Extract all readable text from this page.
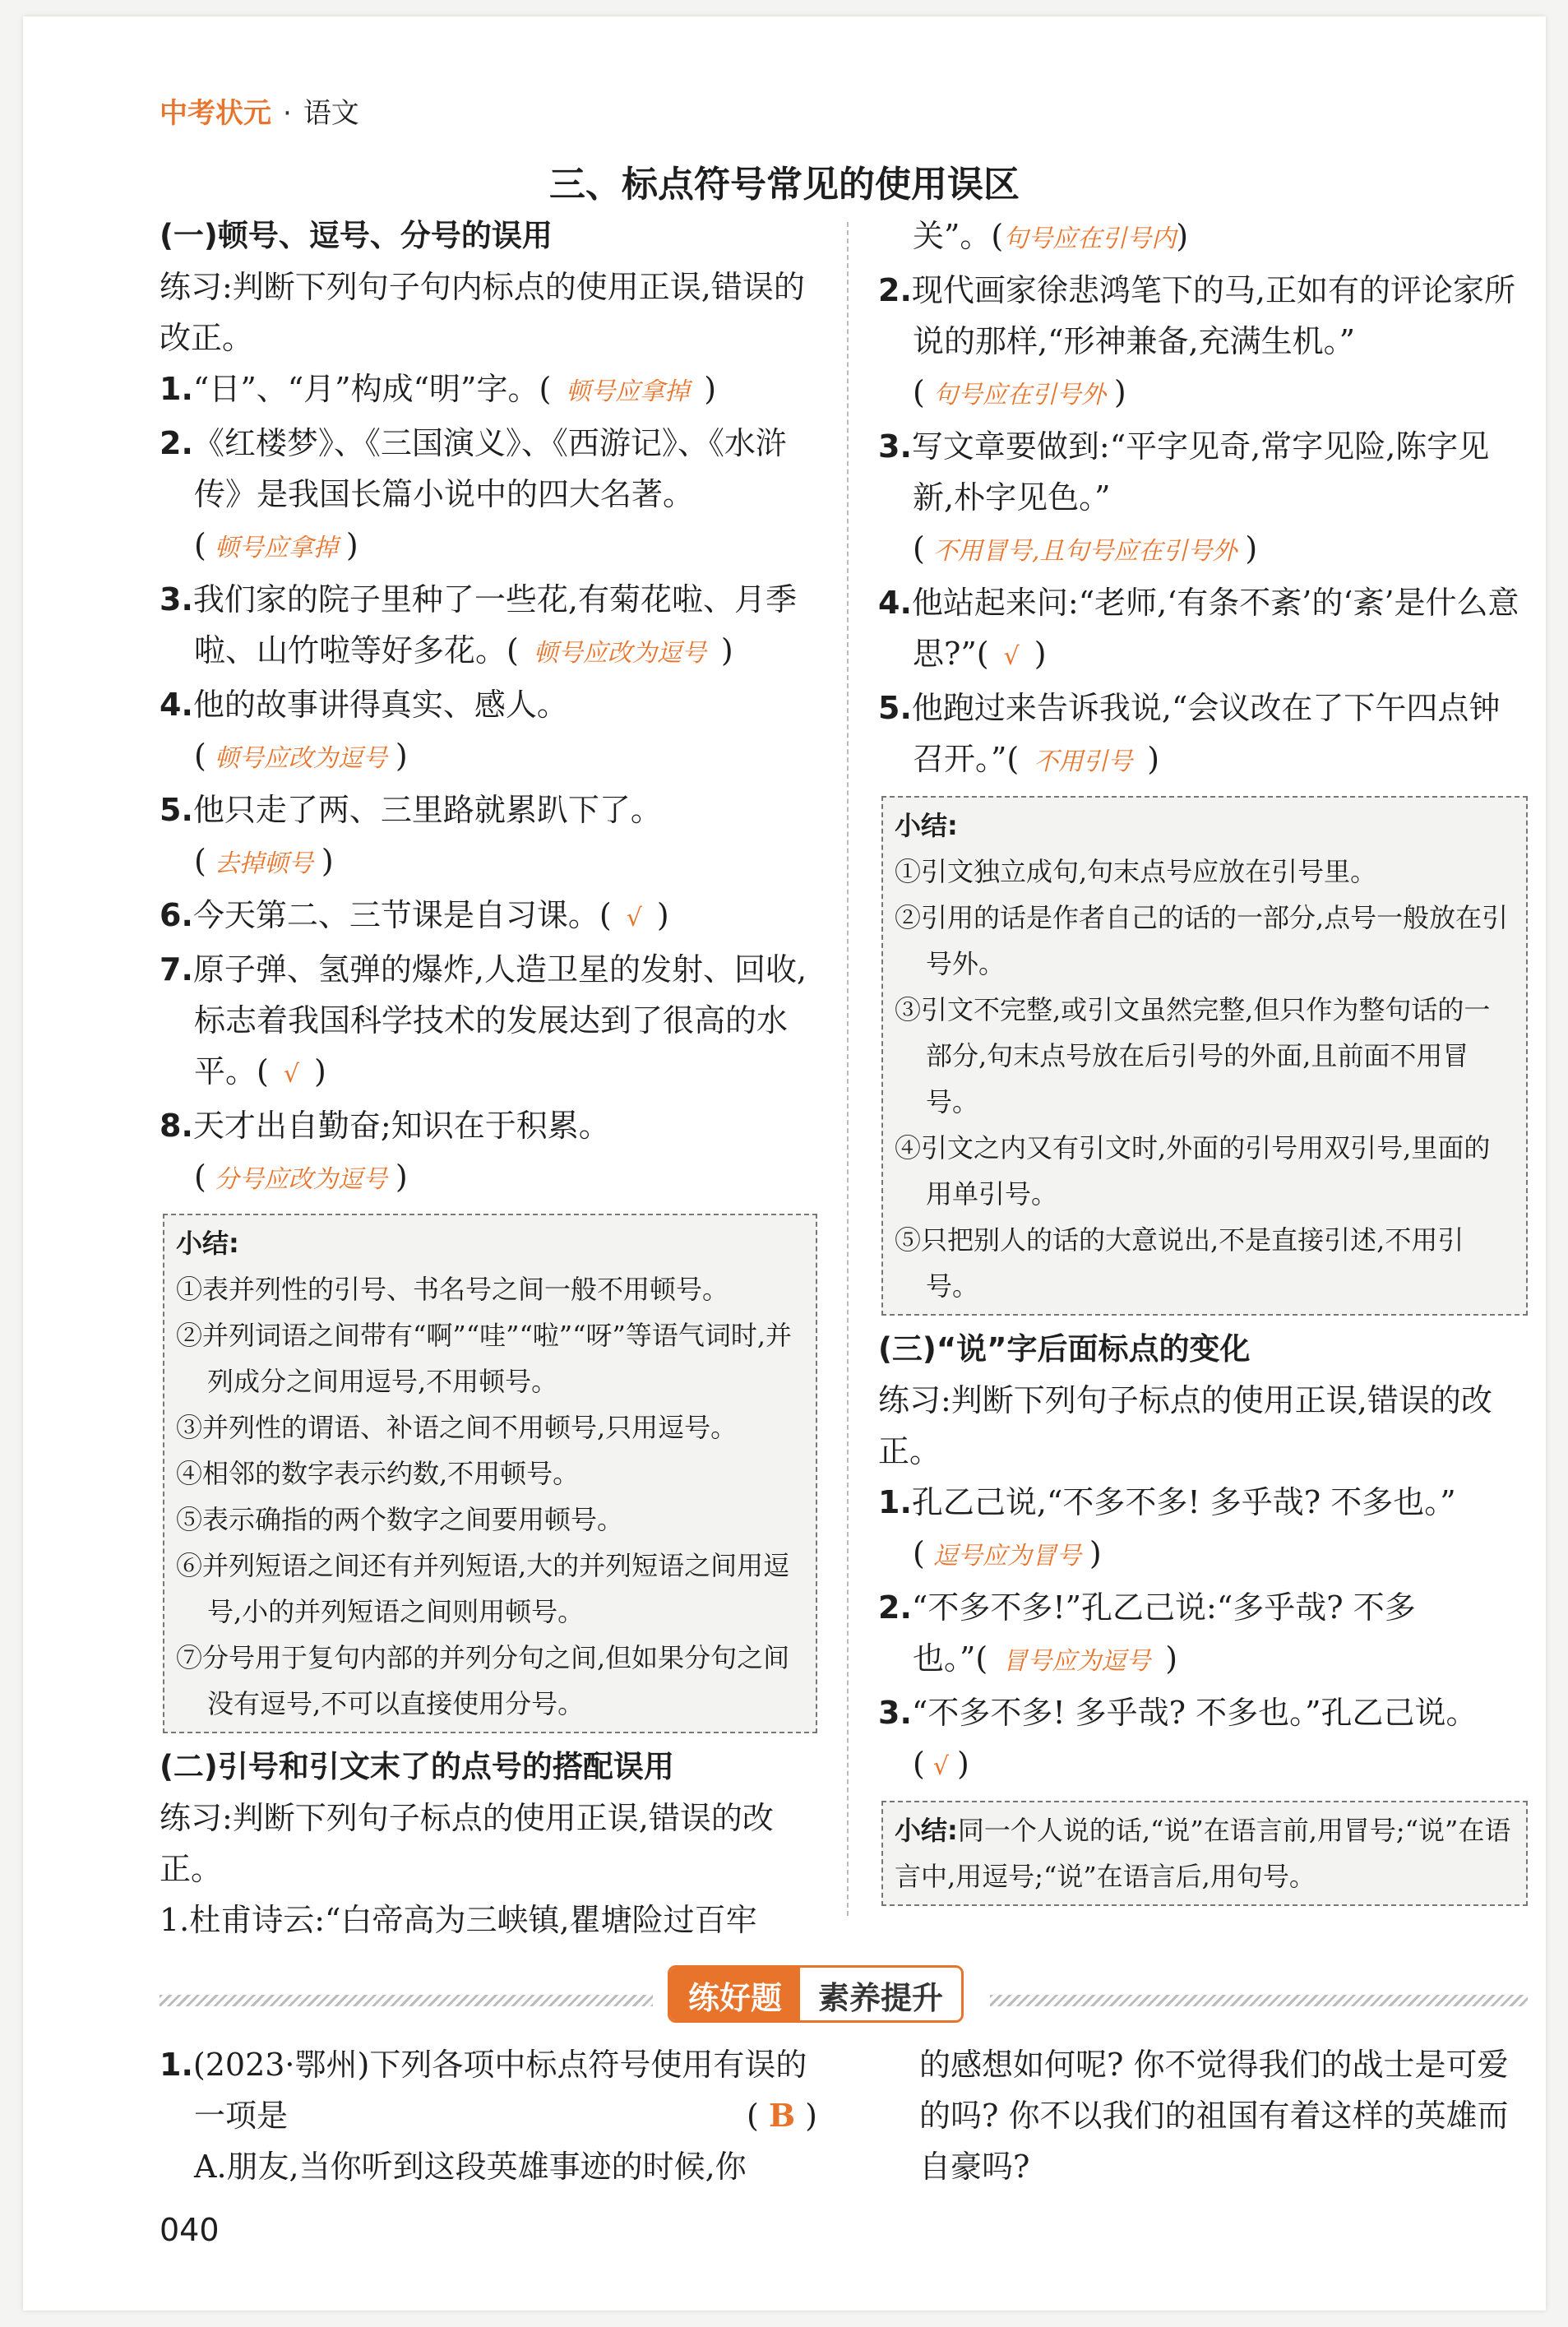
中考状元 · 语文
三、标点符号常见的使用误区
(一)顿号、逗号、分号的误用
练习:判断下列句子句内标点的使用正误,错误的改正。
1.“日”、“月”构成“明”字。( 顿号应拿掉 )
2.《红楼梦》、《三国演义》、《西游记》、《水浒传》是我国长篇小说中的四大名著。
( 顿号应拿掉 )
3.我们家的院子里种了一些花,有菊花啦、月季啦、山竹啦等好多花。( 顿号应改为逗号 )
4.他的故事讲得真实、感人。
( 顿号应改为逗号 )
5.他只走了两、三里路就累趴下了。
( 去掉顿号 )
6.今天第二、三节课是自习课。( √ )
7.原子弹、氢弹的爆炸,人造卫星的发射、回收,标志着我国科学技术的发展达到了很高的水平。( √ )
8.天才出自勤奋;知识在于积累。
( 分号应改为逗号 )
小结:
①表并列性的引号、书名号之间一般不用顿号。
②并列词语之间带有“啊”“哇”“啦”“呀”等语气词时,并列成分之间用逗号,不用顿号。
③并列性的谓语、补语之间不用顿号,只用逗号。
④相邻的数字表示约数,不用顿号。
⑤表示确指的两个数字之间要用顿号。
⑥并列短语之间还有并列短语,大的并列短语之间用逗号,小的并列短语之间则用顿号。
⑦分号用于复句内部的并列分句之间,但如果分句之间没有逗号,不可以直接使用分号。
(二)引号和引文末了的点号的搭配误用
练习:判断下列句子标点的使用正误,错误的改正。
1.杜甫诗云:“白帝高为三峡镇,瞿塘险过百牢
关”。(句号应在引号内)
2.现代画家徐悲鸿笔下的马,正如有的评论家所说的那样,“形神兼备,充满生机。”
( 句号应在引号外 )
3.写文章要做到:“平字见奇,常字见险,陈字见新,朴字见色。”
( 不用冒号,且句号应在引号外 )
4.他站起来问:“老师,‘有条不紊’的‘紊’是什么意思?”( √ )
5.他跑过来告诉我说,“会议改在了下午四点钟召开。”( 不用引号 )
小结:
①引文独立成句,句末点号应放在引号里。
②引用的话是作者自己的话的一部分,点号一般放在引号外。
③引文不完整,或引文虽然完整,但只作为整句话的一部分,句末点号放在后引号的外面,且前面不用冒号。
④引文之内又有引文时,外面的引号用双引号,里面的用单引号。
⑤只把别人的话的大意说出,不是直接引述,不用引号。
(三)“说”字后面标点的变化
练习:判断下列句子标点的使用正误,错误的改正。
1.孔乙己说,“不多不多! 多乎哉? 不多也。”
( 逗号应为冒号 )
2.“不多不多!”孔乙己说:“多乎哉? 不多也。”( 冒号应为逗号 )
3.“不多不多! 多乎哉? 不多也。”孔乙己说。
( √ )
小结:同一个人说的话,“说”在语言前,用冒号;“说”在语言中,用逗号;“说”在语言后,用句号。
练好题	素养提升
1.(2023·鄂州)下列各项中标点符号使用有误的一项是	( B )
A.朋友,当你听到这段英雄事迹的时候,你
的感想如何呢? 你不觉得我们的战士是可爱的吗? 你不以我们的祖国有着这样的英雄而自豪吗?
040
